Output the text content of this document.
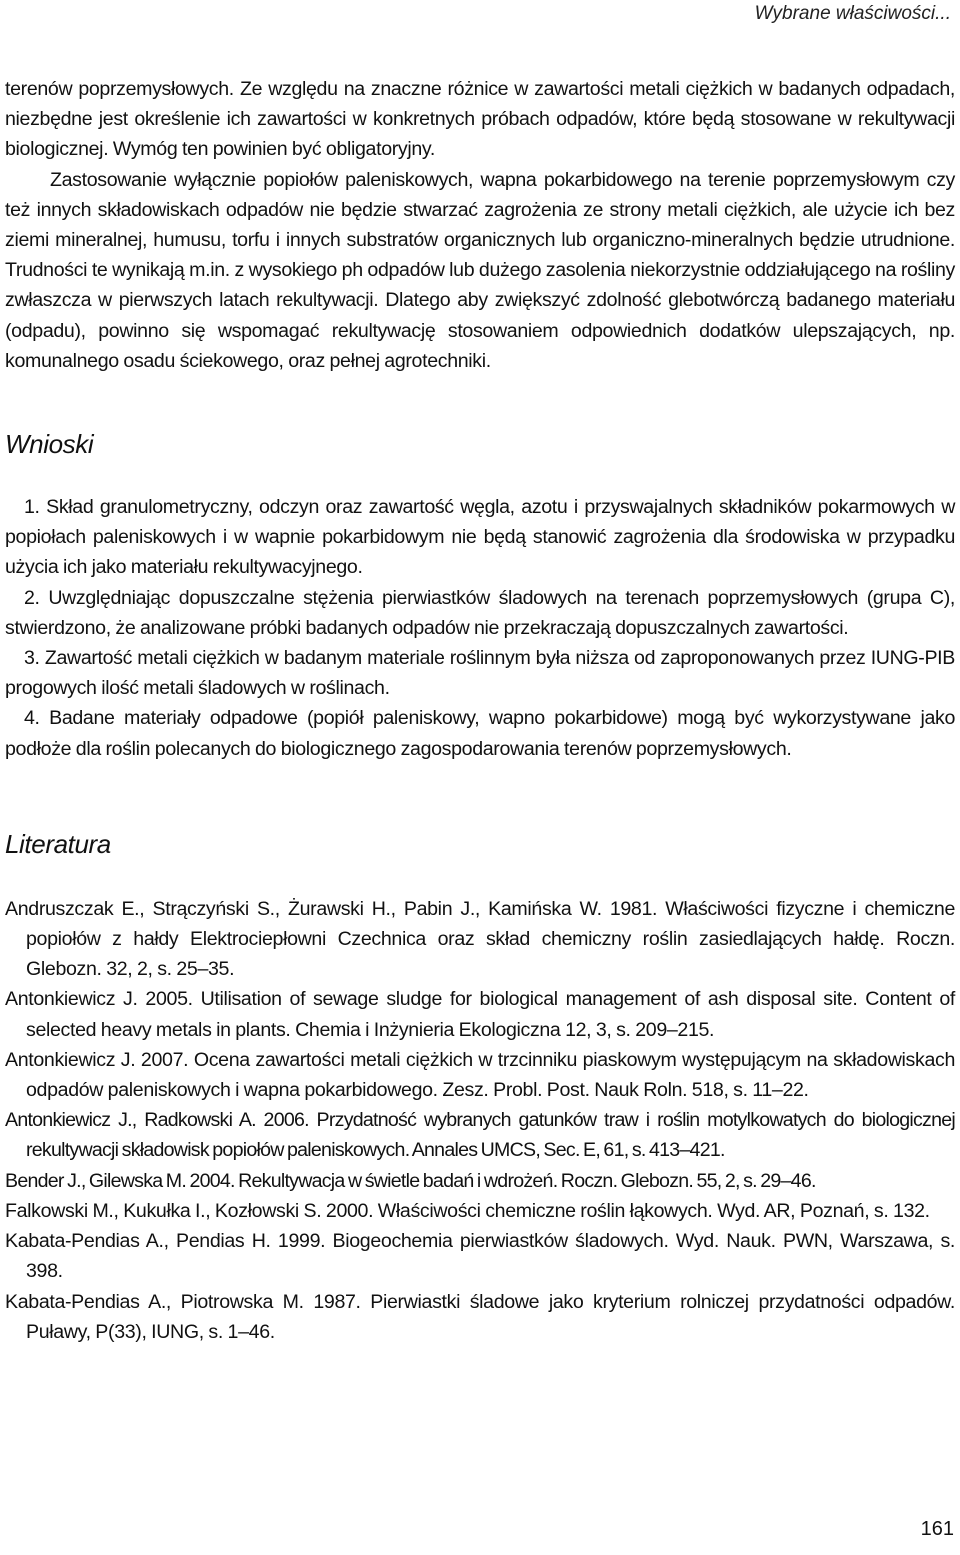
Wybrane właściwości...

terenów poprzemysłowych. Ze względu na znaczne różnice w zawartości metali ciężkich w badanych odpadach, niezbędne jest określenie ich zawartości w konkretnych próbach odpadów, które będą stosowane w rekultywacji biologicznej. Wymóg ten powinien być obligatoryjny.

Zastosowanie wyłącznie popiołów paleniskowych, wapna pokarbidowego na terenie poprzemysłowym czy też innych składowiskach odpadów nie będzie stwarzać zagrożenia ze strony metali ciężkich, ale użycie ich bez ziemi mineralnej, humusu, torfu i innych substratów organicznych lub organiczno-mineralnych będzie utrudnione. Trudności te wynikają m.in. z wysokiego ph odpadów lub dużego zasolenia niekorzystnie oddziałującego na rośliny zwłaszcza w pierwszych latach rekultywacji. Dlatego aby zwiększyć zdolność glebotwórczą badanego materiału (odpadu), powinno się wspomagać rekultywację stosowaniem odpowiednich dodatków ulepszających, np. komunalnego osadu ściekowego, oraz pełnej agrotechniki.

Wnioski
1. Skład granulometryczny, odczyn oraz zawartość węgla, azotu i przyswajalnych składników pokarmowych w popiołach paleniskowych i w wapnie pokarbidowym nie będą stanowić zagrożenia dla środowiska w przypadku użycia ich jako materiału rekultywacyjnego.
2. Uwzględniając dopuszczalne stężenia pierwiastków śladowych na terenach poprzemysłowych (grupa C), stwierdzono, że analizowane próbki badanych odpadów nie przekraczają dopuszczalnych zawartości.
3. Zawartość metali ciężkich w badanym materiale roślinnym była niższa od zaproponowanych przez IUNG-PIB progowych ilość metali śladowych w roślinach.
4. Badane materiały odpadowe (popiół paleniskowy, wapno pokarbidowe) mogą być wykorzystywane jako podłoże dla roślin polecanych do biologicznego zagospodarowania terenów poprzemysłowych.
Literatura
Andruszczak E., Strączyński S., Żurawski H., Pabin J., Kamińska W. 1981. Właściwości fizyczne i chemiczne popiołów z hałdy Elektrociepłowni Czechnica oraz skład chemiczny roślin zasiedlających hałdę. Roczn. Glebozn. 32, 2, s. 25–35.
Antonkiewicz J. 2005. Utilisation of sewage sludge for biological management of ash disposal site. Content of selected heavy metals in plants. Chemia i Inżynieria Ekologiczna 12, 3, s. 209–215.
Antonkiewicz J. 2007. Ocena zawartości metali ciężkich w trzcinniku piaskowym występującym na składowiskach odpadów paleniskowych i wapna pokarbidowego. Zesz. Probl. Post. Nauk Roln. 518, s. 11–22.
Antonkiewicz J., Radkowski A. 2006. Przydatność wybranych gatunków traw i roślin motylkowatych do biologicznej rekultywacji składowisk popiołów paleniskowych. Annales UMCS, Sec. E, 61, s. 413–421.
Bender J., Gilewska M. 2004. Rekultywacja w świetle badań i wdrożeń. Roczn. Glebozn. 55, 2, s. 29–46.
Falkowski M., Kukułka I., Kozłowski S. 2000. Właściwości chemiczne roślin łąkowych. Wyd. AR, Poznań, s. 132.
Kabata-Pendias A., Pendias H. 1999. Biogeochemia pierwiastków śladowych. Wyd. Nauk. PWN, Warszawa, s. 398.
Kabata-Pendias A., Piotrowska M. 1987. Pierwiastki śladowe jako kryterium rolniczej przydatności odpadów. Puławy, P(33), IUNG, s. 1–46.
161
